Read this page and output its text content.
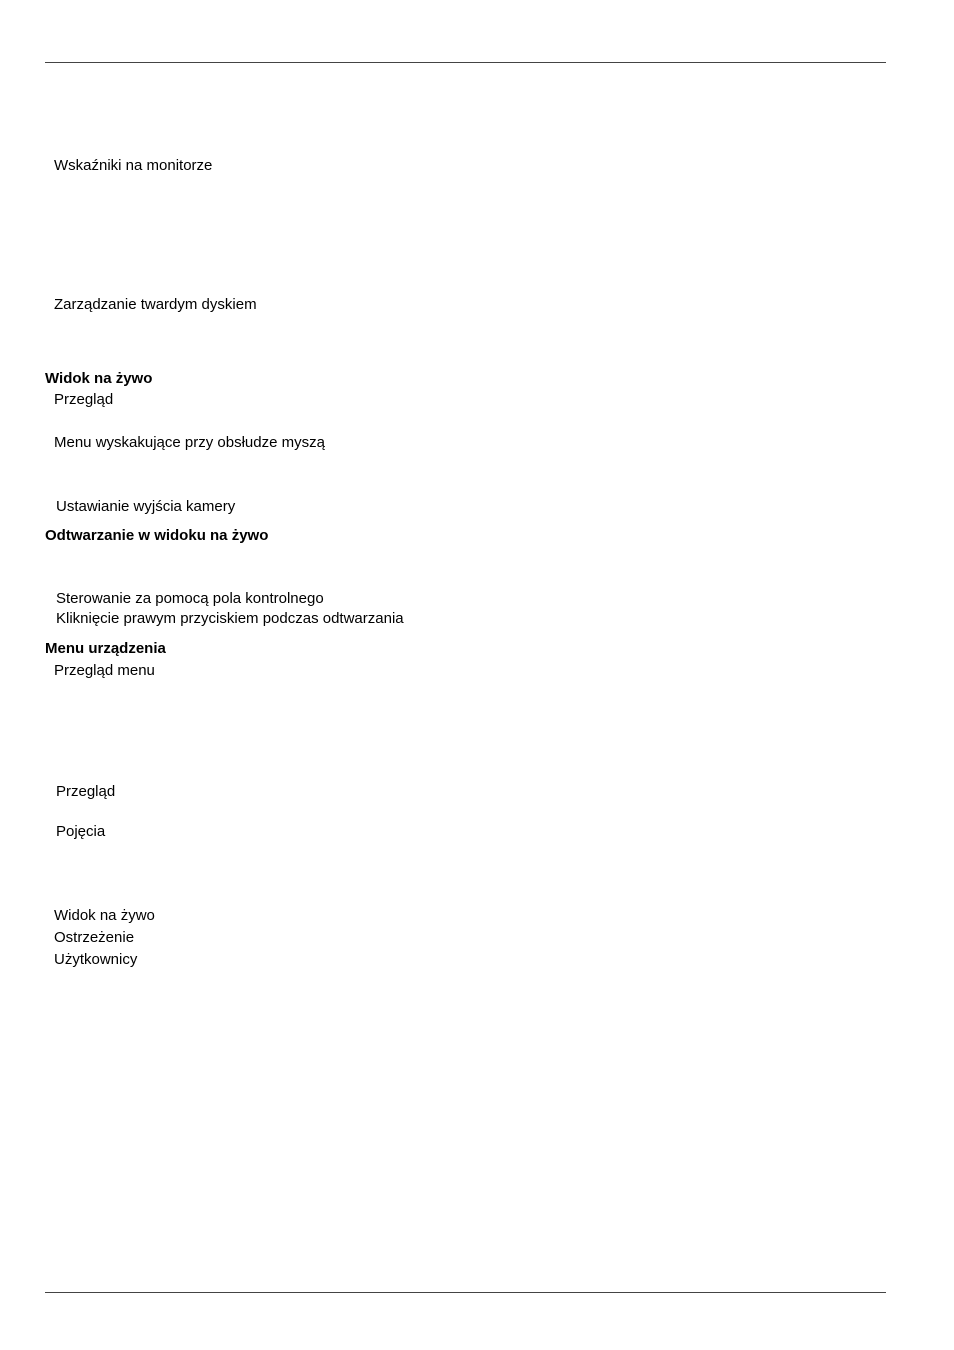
Wskaźniki na monitorze
Zarządzanie twardym dyskiem
Widok na żywo
Przegląd
Menu wyskakujące przy obsłudze myszą
Ustawianie wyjścia kamery
Odtwarzanie w widoku na żywo
Sterowanie za pomocą pola kontrolnego
Kliknięcie prawym przyciskiem podczas odtwarzania
Menu urządzenia
Przegląd menu
Przegląd
Pojęcia
Widok na żywo
Ostrzeżenie
Użytkownicy
